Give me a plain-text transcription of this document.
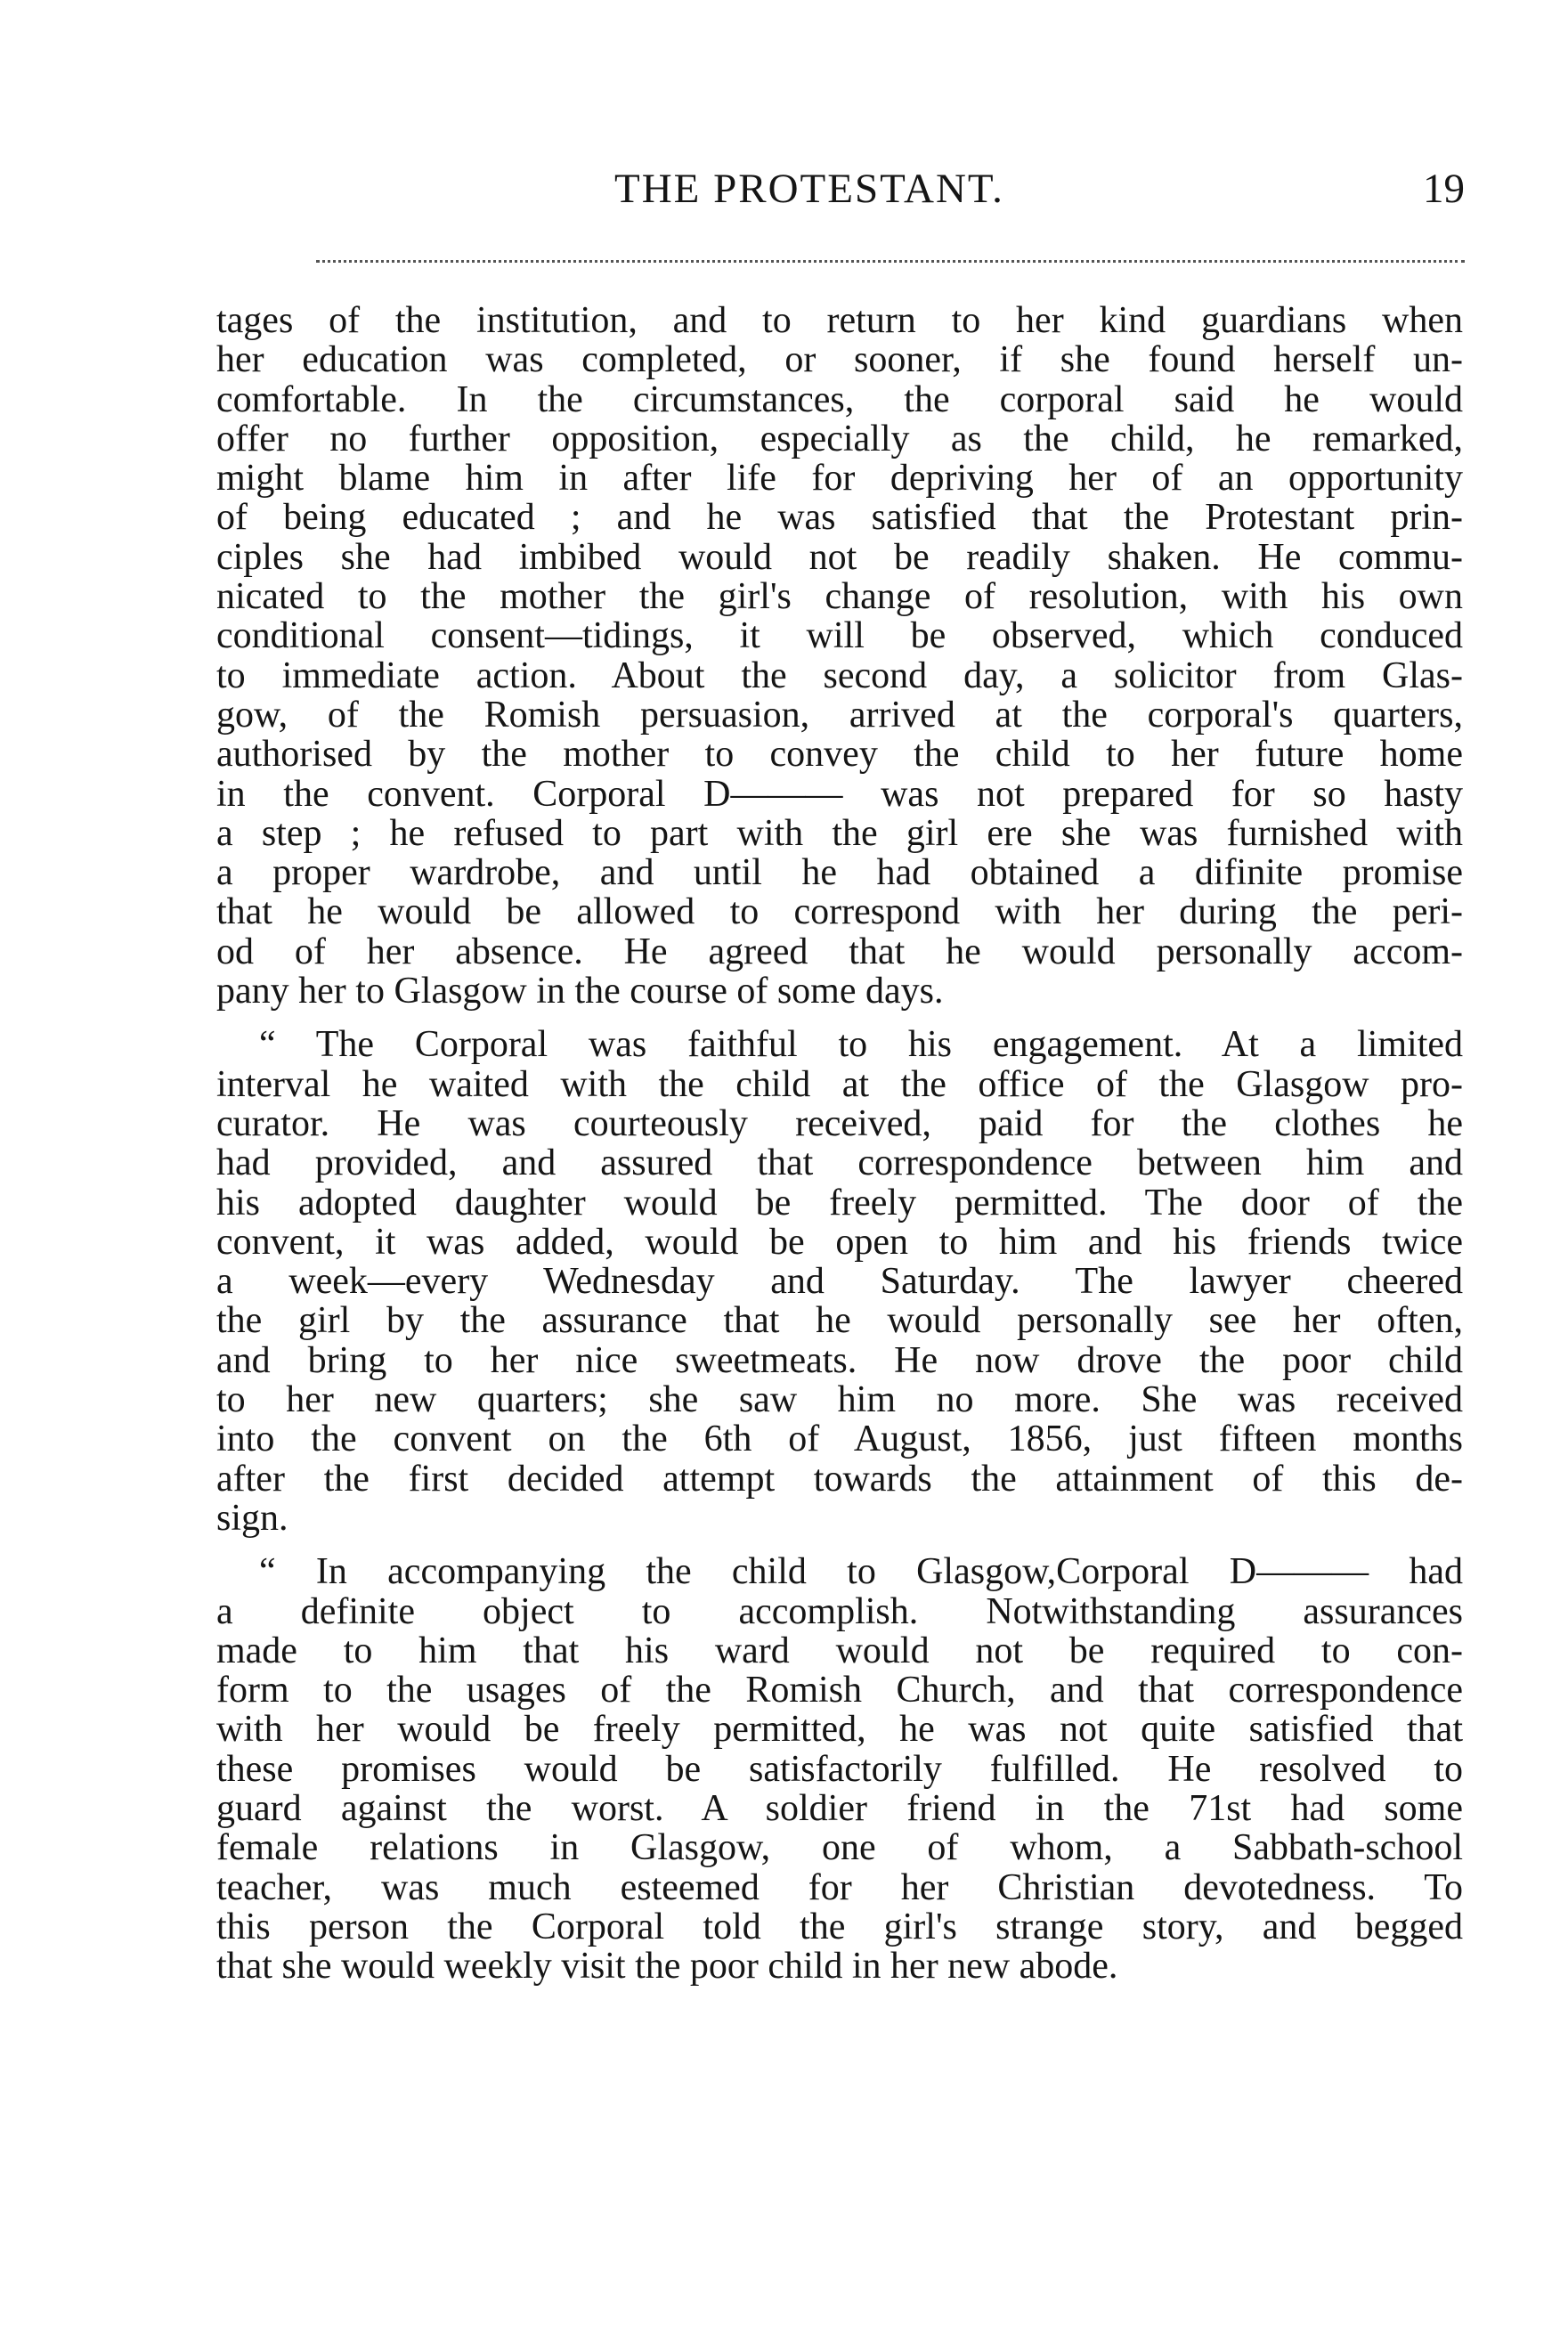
THE PROTESTANT.	19
tages of the institution, and to return to her kind guardians when
her education was completed, or sooner, if she found herself un-
comfortable. In the circumstances, the corporal said he would
offer no further opposition, especially as the child, he remarked,
might blame him in after life for depriving her of an opportunity
of being educated ; and he was satisfied that the Protestant prin-
ciples she had imbibed would not be readily shaken. He commu-
nicated to the mother the girl's change of resolution, with his own
conditional consent—tidings, it will be observed, which conduced
to immediate action. About the second day, a solicitor from Glas-
gow, of the Romish persuasion, arrived at the corporal's quarters,
authorised by the mother to convey the child to her future home
in the convent. Corporal D——— was not prepared for so hasty
a step ; he refused to part with the girl ere she was furnished with
a proper wardrobe, and until he had obtained a difinite promise
that he would be allowed to correspond with her during the peri-
od of her absence. He agreed that he would personally accom-
pany her to Glasgow in the course of some days.
“ The Corporal was faithful to his engagement. At a limited
interval he waited with the child at the office of the Glasgow pro-
curator. He was courteously received, paid for the clothes he
had provided, and assured that correspondence between him and
his adopted daughter would be freely permitted. The door of the
convent, it was added, would be open to him and his friends twice
a week—every Wednesday and Saturday. The lawyer cheered
the girl by the assurance that he would personally see her often,
and bring to her nice sweetmeats. He now drove the poor child
to her new quarters; she saw him no more. She was received
into the convent on the 6th of August, 1856, just fifteen months
after the first decided attempt towards the attainment of this de-
sign.
“ In accompanying the child to Glasgow,Corporal D——— had
a definite object to accomplish. Notwithstanding assurances
made to him that his ward would not be required to con-
form to the usages of the Romish Church, and that correspondence
with her would be freely permitted, he was not quite satisfied that
these promises would be satisfactorily fulfilled. He resolved to
guard against the worst. A soldier friend in the 71st had some
female relations in Glasgow, one of whom, a Sabbath-school
teacher, was much esteemed for her Christian devotedness. To
this person the Corporal told the girl's strange story, and begged
that she would weekly visit the poor child in her new abode.
